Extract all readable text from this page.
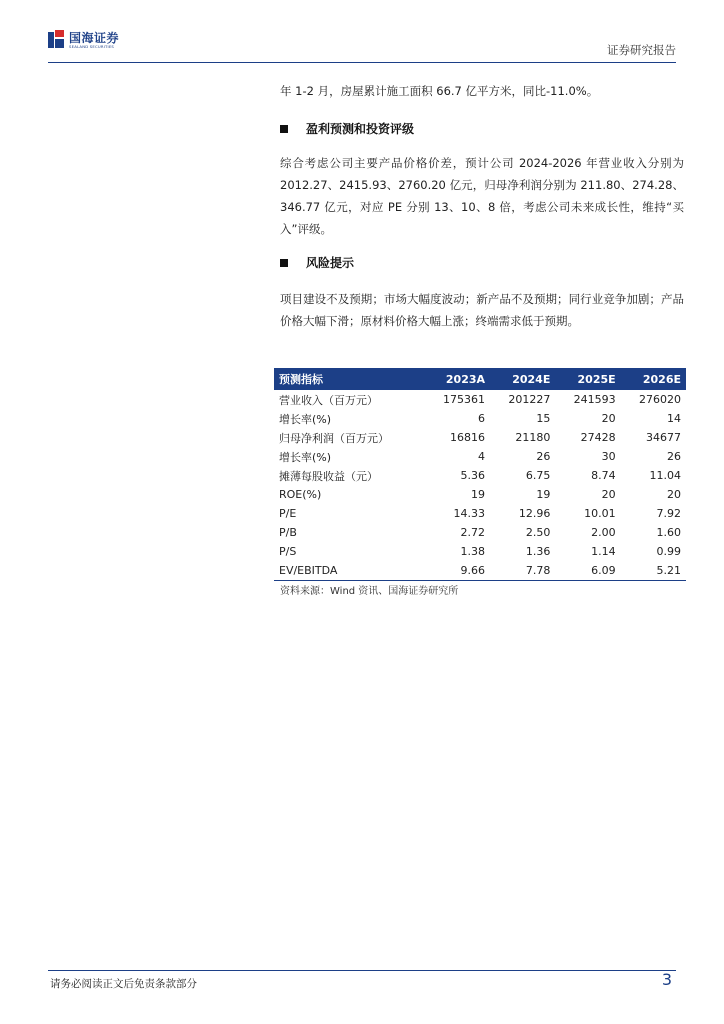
国海证券
SEALAND SECURITIES	证券研究报告

年 1-2 月，房屋累计施工面积 66.7 亿平方米，同比-11.0%。

盈利预测和投资评级

综合考虑公司主要产品价格价差，预计公司 2024-2026 年营业收入分别为 2012.27、2415.93、2760.20 亿元，归母净利润分别为 211.80、274.28、346.77 亿元，对应 PE 分别 13、10、8 倍，考虑公司未来成长性，维持“买入”评级。

风险提示

项目建设不及预期；市场大幅度波动；新产品不及预期；同行业竞争加剧；产品价格大幅下滑；原材料价格大幅上涨；终端需求低于预期。

预测指标	2023A	2024E	2025E	2026E
营业收入（百万元）	175361	201227	241593	276020
增长率(%)	6	15	20	14
归母净利润（百万元）	16816	21180	27428	34677
增长率(%)	4	26	30	26
摊薄每股收益（元）	5.36	6.75	8.74	11.04
ROE(%)	19	19	20	20
P/E	14.33	12.96	10.01	7.92
P/B	2.72	2.50	2.00	1.60
P/S	1.38	1.36	1.14	0.99
EV/EBITDA	9.66	7.78	6.09	5.21
资料来源：Wind 资讯、国海证券研究所
请务必阅读正文后免责条款部分	3
